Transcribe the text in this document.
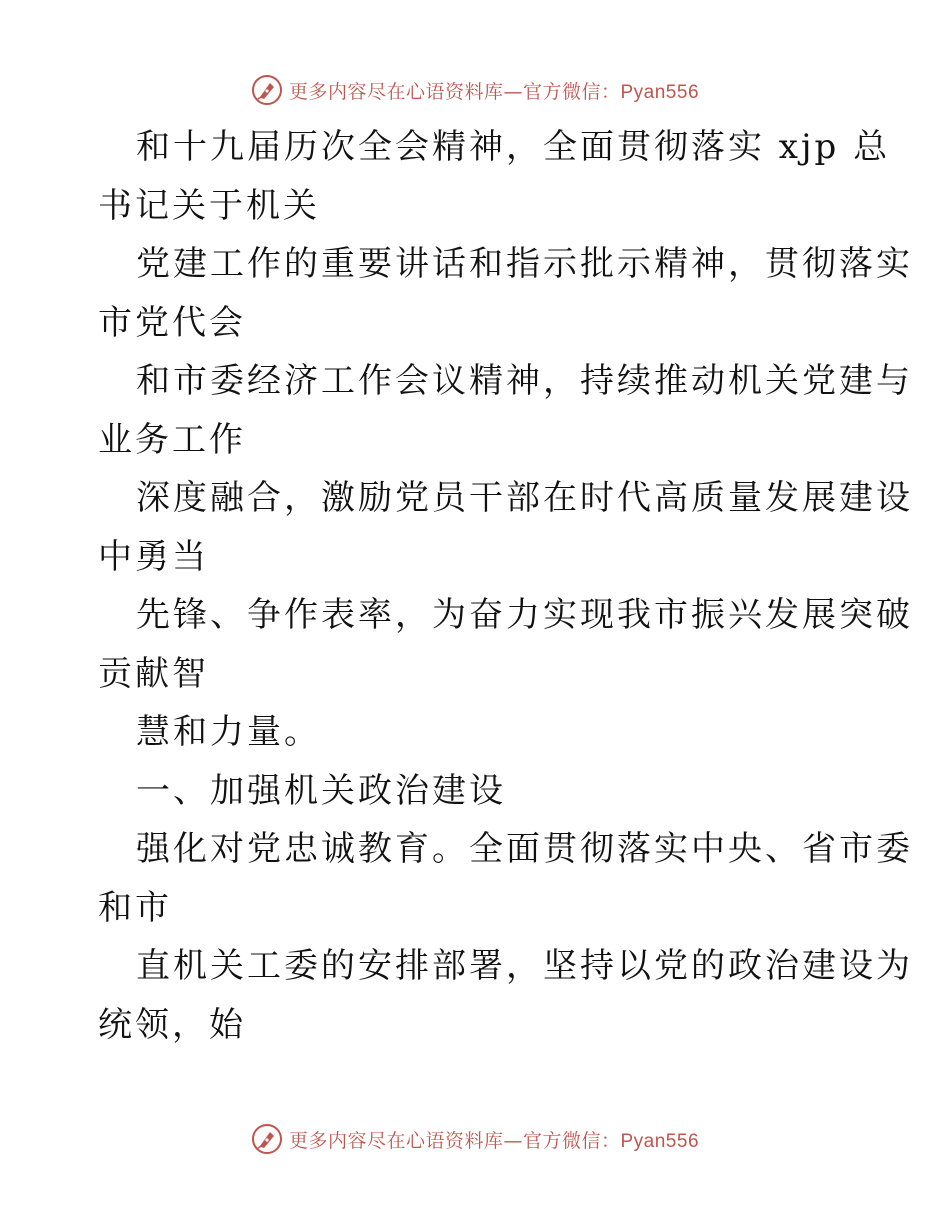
更多内容尽在心语资料库—官方微信：Pyan556
和十九届历次全会精神，全面贯彻落实 xjp 总
书记关于机关
党建工作的重要讲话和指示批示精神，贯彻落实
市党代会
和市委经济工作会议精神，持续推动机关党建与
业务工作
深度融合，激励党员干部在时代高质量发展建设
中勇当
先锋、争作表率，为奋力实现我市振兴发展突破
贡献智
慧和力量。
一、加强机关政治建设
强化对党忠诚教育。全面贯彻落实中央、省市委
和市
直机关工委的安排部署，坚持以党的政治建设为
统领，始
更多内容尽在心语资料库—官方微信：Pyan556
